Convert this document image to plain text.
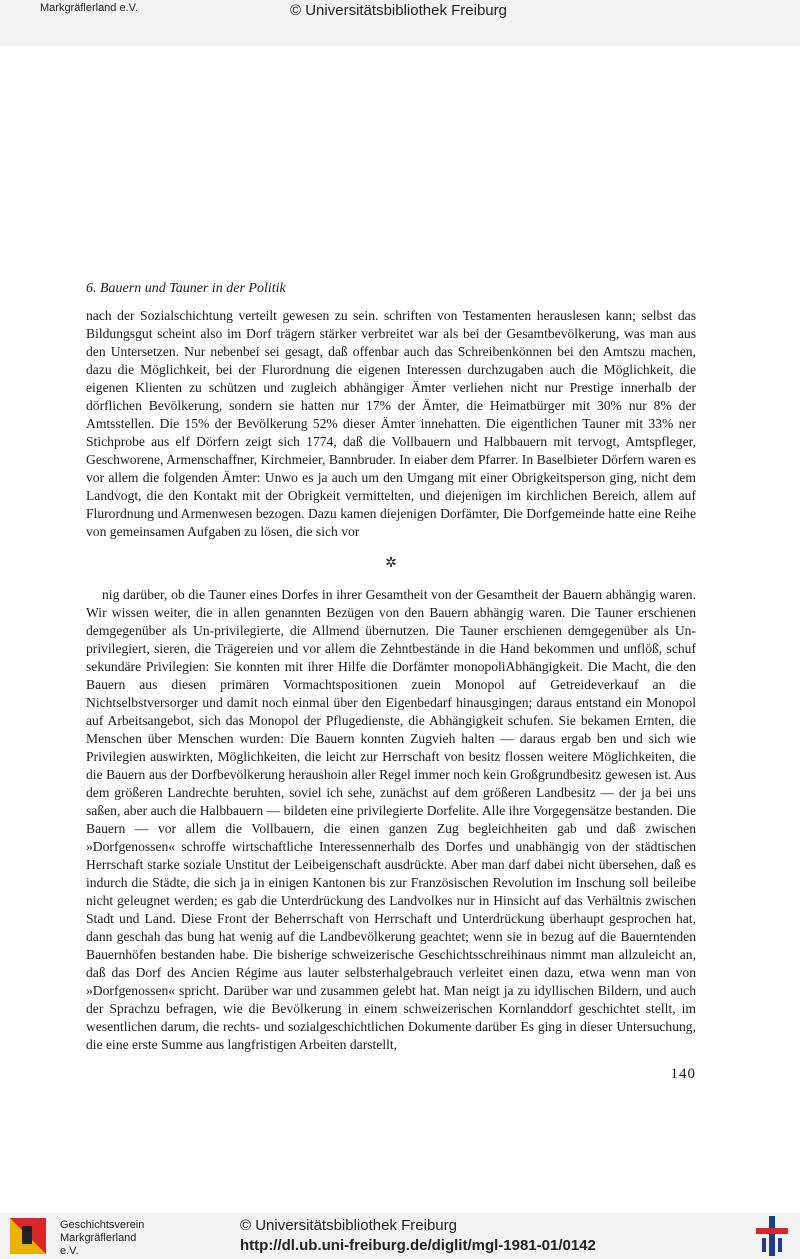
Geschichtsverein Markgräflerland e.V.
© Universitätsbibliothek Freiburg
http://dl.ub.uni-freiburg.de/diglit/mgl-1981-01/0142

6. Bauern und Tauner in der Politik

nach der Sozialschichtung verteilt gewesen zu sein. schriften von Testamenten herauslesen kann; selbst das Bildungsgut scheint also im Dorf trägern stärker verbreitet war als bei der Gesamtbevölkerung, was man aus den Untersetzen. Nur nebenbei sei gesagt, daß offenbar auch das Schreibenkönnen bei den Amtszu machen, dazu die Möglichkeit, bei der Flurordnung die eigenen Interessen durchzugaben auch die Möglichkeit, die eigenen Klienten zu schützen und zugleich abhängiger Ämter verliehen nicht nur Prestige innerhalb der dörflichen Bevölkerung, sondern sie hatten nur 17% der Ämter, die Heimatbürger mit 30% nur 8% der Amtsstellen. Die 15% der Bevölkerung 52% dieser Ämter innehatten. Die eigentlichen Tauner mit 33% ner Stichprobe aus elf Dörfern zeigt sich 1774, daß die Vollbauern und Halbbauern mit tervogt, Amtspfleger, Geschworene, Armenschaffner, Kirchmeier, Bannbruder. In eiaber dem Pfarrer. In Baselbieter Dörfern waren es vor allem die folgenden Ämter: Unwo es ja auch um den Umgang mit einer Obrigkeitsperson ging, nicht dem Landvogt, die den Kontakt mit der Obrigkeit vermittelten, und diejenigen im kirchlichen Bereich, allem auf Flurordnung und Armenwesen bezogen. Dazu kamen diejenigen Dorfämter, Die Dorfgemeinde hatte eine Reihe von gemeinsamen Aufgaben zu lösen, die sich vor

✲

nig darüber, ob die Tauner eines Dorfes in ihrer Gesamtheit von der Gesamtheit der Bauern abhängig waren. Wir wissen weiter, die in allen genannten Bezügen von den Bauern abhängig waren. Die Tauner erschienen demgegenüber als Un-privilegierte, die Allmend übernutzen. Die Tauner erschienen demgegenüber als Un-privilegiert, sieren, die Trägereien und vor allem die Zehntbestände in die Hand bekommen und unflöß, schuf sekundäre Privilegien: Sie konnten mit ihrer Hilfe die Dorfämter monopoliAbhängigkeit. Die Macht, die den Bauern aus diesen primären Vormachtspositionen zuein Monopol auf Getreideverkauf an die Nichtselbstversorger und damit noch einmal über den Eigenbedarf hinausgingen; daraus entstand ein Monopol auf Arbeitsangebot, sich das Monopol der Pflugedienste, die Abhängigkeit schufen. Sie bekamen Ernten, die Menschen über Menschen wurden: Die Bauern konnten Zugvieh halten — daraus ergab ben und sich wie Privilegien auswirkten, Möglichkeiten, die leicht zur Herrschaft von besitz flossen weitere Möglichkeiten, die die Bauern aus der Dorfbevölkerung heraushoin aller Regel immer noch kein Großgrundbesitz gewesen ist. Aus dem größeren Landrechte beruhten, soviel ich sehe, zunächst auf dem größeren Landbesitz — der ja bei uns saßen, aber auch die Halbbauern — bildeten eine privilegierte Dorfelite. Alle ihre Vorgegensätze bestanden. Die Bauern — vor allem die Vollbauern, die einen ganzen Zug begleichheiten gab und daß zwischen »Dorfgenossen« schroffe wirtschaftliche Interessennerhalb des Dorfes und unabhängig von der städtischen Herrschaft starke soziale Unstitut der Leibeigenschaft ausdrückte. Aber man darf dabei nicht übersehen, daß es indurch die Städte, die sich ja in einigen Kantonen bis zur Französischen Revolution im Inschung soll beileibe nicht geleugnet werden; es gab die Unterdrückung des Landvolkes nur in Hinsicht auf das Verhältnis zwischen Stadt und Land. Diese Front der Beherrschaft von Herrschaft und Unterdrückung überhaupt gesprochen hat, dann geschah das bung hat wenig auf die Landbevölkerung geachtet; wenn sie in bezug auf die Bauerntenden Bauernhöfen bestanden habe. Die bisherige schweizerische Geschichtsschreihinaus nimmt man allzuleicht an, daß das Dorf des Ancien Régime aus lauter selbsterhalgebrauch verleitet einen dazu, etwa wenn man von »Dorfgenossen« spricht. Darüber war und zusammen gelebt hat. Man neigt ja zu idyllischen Bildern, und auch der Sprachzu befragen, wie die Bevölkerung in einem schweizerischen Kornlanddorf geschichtet stellt, im wesentlichen darum, die rechts- und sozialgeschichtlichen Dokumente darüber Es ging in dieser Untersuchung, die eine erste Summe aus langfristigen Arbeiten darstellt,

140
© Universitätsbibliothek Freiburg
Markgräflerland e.V.
